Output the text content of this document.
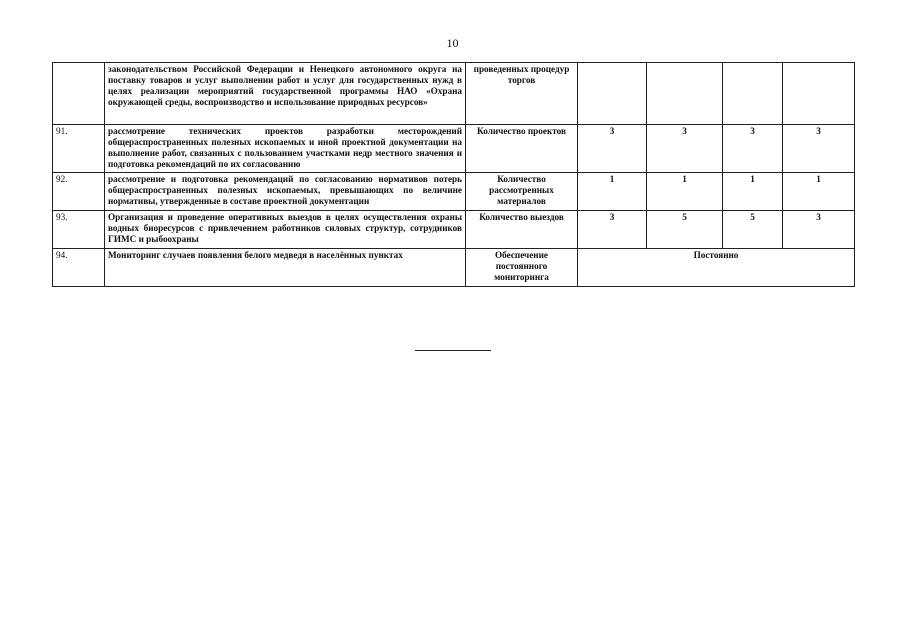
10
	законодательством Российской Федерации и Ненецкого автономного округа на поставку товаров и услуг выполнении работ и услуг для государственных нужд в целях реализации мероприятий государственной программы НАО «Охрана окружающей среды, воспроизводство и использование природных ресурсов»	проведенных процедур торгов				
91.	рассмотрение технических проектов разработки месторождений общераспространенных полезных ископаемых и иной проектной документации на выполнение работ, связанных с пользованием участками недр местного значения и подготовка рекомендаций по их согласованию	Количество проектов	3	3	3	3
92.	рассмотрение и подготовка рекомендаций по согласованию нормативов потерь общераспространенных полезных ископаемых, превышающих по величине нормативы, утвержденные в составе проектной документации	Количество рассмотренных материалов	1	1	1	1
93.	Организация и проведение оперативных выездов в целях осуществления охраны водных биоресурсов с привлечением работников силовых структур, сотрудников ГИМС и рыбоохраны	Количество выездов	3	5	5	3
94.	Мониторинг случаев появления белого медведя в населённых пунктах	Обеспечение постоянного мониторинга	Постоянно			
